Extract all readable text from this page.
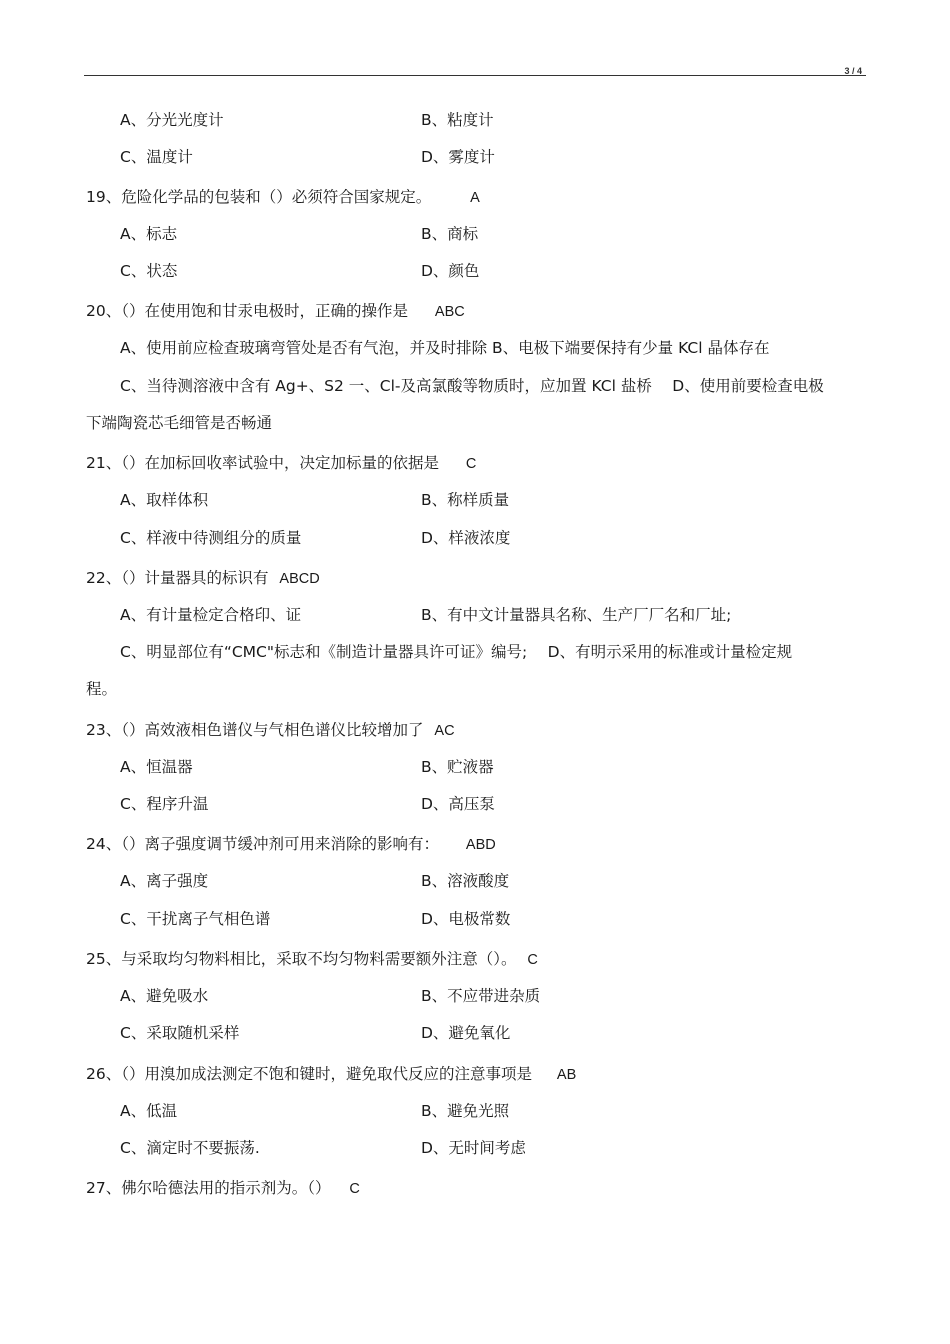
3 / 4
A、分光光度计	B、粘度计
C、温度计	D、雾度计
19、危险化学品的包装和（）必须符合国家规定。	A
A、标志	B、商标
C、状态	D、颜色
20、（）在使用饱和甘汞电极时，正确的操作是 ABC
A、使用前应检查玻璃弯管处是否有气泡，并及时排除 B、电极下端要保持有少量 KCl 晶体存在
C、当待测溶液中含有 Ag+、S2 一、Cl-及高氯酸等物质时，应加置 KCl 盐桥　 D、使用前要检查电极
下端陶瓷芯毛细管是否畅通
21、（）在加标回收率试验中，决定加标量的依据是 C
A、取样体积	B、称样质量
C、样液中待测组分的质量	D、样液浓度
22、（）计量器具的标识有 ABCD
A、有计量检定合格印、证	B、有中文计量器具名称、生产厂厂名和厂址;
C、明显部位有“CMC"标志和《制造计量器具许可证》编号;　 D、有明示采用的标准或计量检定规
程。
23、（）高效液相色谱仪与气相色谱仪比较增加了 AC
A、恒温器	B、贮液器
C、程序升温	D、高压泵
24、（）离子强度调节缓冲剂可用来消除的影响有： ABD
A、离子强度	B、溶液酸度
C、干扰离子气相色谱	D、电极常数
25、与采取均匀物料相比，采取不均匀物料需要额外注意（）。 C
A、避免吸水	B、不应带进杂质
C、采取随机采样	D、避免氧化
26、（）用溴加成法测定不饱和键时，避免取代反应的注意事项是 AB
A、低温	B、避免光照
C、滴定时不要振荡.	D、无时间考虑
27、佛尔哈德法用的指示剂为。（） C
